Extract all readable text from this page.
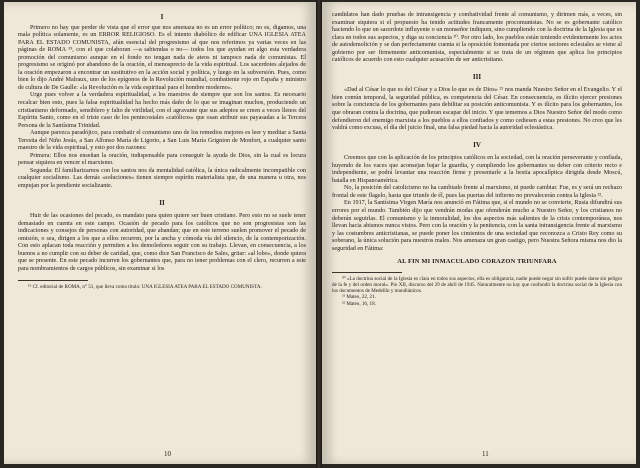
I

Primero no hay que perder de vista que el error que nos amenaza no es un error político; no es, digamos, una mala política solamente, es un ERROR RELIGIOSO. Es el intento diabólico de edificar UNA IGLESIA ATEA PARA EL ESTADO COMUNISTA, afán esencial del progresismo al que nos referimos ya varias veces en las páginas de ROMA ¹⁹, con el que colaboran —a sabiendas o no— todos los que ayudan en algo esta verdadera promoción del comunismo aunque en el fondo no tengan nada de ateos ni tampoco nada de comunistas. El progresismo se originó por abandono de la oración, el menosprecio de la vida espiritual. Los sacerdotes alejados de la oración empezaron a encontrar un sustitutivo en la acción social y política, y luego en la subversión. Pues, como bien lo dijo André Malraux, uno de los epígonos de la Revolución mundial, combatiente rojo en España y ministro de cultura de De Gaulle: «la Revolución es la vida espiritual para el hombre moderno».

Urge pues volver a la verdadera espiritualidad, a los maestros de siempre que son los santos. Es necesario recalcar bien esto, pues la falsa espiritualidad ha hecho más daño de lo que se imaginan muchos, produciendo un cristianismo deformado, sensiblero y falto de virilidad, con el agravante que sus adeptos se creen a veces llenos del Espíritu Santo, como en el triste caso de los pentecostales «católicos» que osan atribuir sus payasadas a la Tercera Persona de la Santísima Trinidad.

Aunque parezca paradójico, para combatir el comunismo uno de los remedios mejores es leer y meditar a Santa Teresita del Niño Jesús, a San Alfonso María de Ligorio, a San Luis María Grignion de Monfort, a cualquier santo maestro de la vida espiritual, y esto por dos razones:

Primera: Ellos nos enseñan la oración, indispensable para conseguir la ayuda de Dios, sin la cual es locura pensar siquiera en vencer el marxismo.

Segunda: El familiarizarnos con los santos nos da mentalidad católica, la única radicalmente incompatible con cualquier socialismo. Las demás «soluciones» tienen siempre espíritu materialista que, de una manera u otra, nos empujan por la pendiente socializante.

II

Huir de las ocasiones del pecado, es mandato para quien quiere ser buen cristiano. Pero esto no se suele tener demasiado en cuenta en este campo. Ocasión de pecado para los católicos que no son progresistas son las indicaciones y consejos de personas con autoridad, que abandan; que en este terreno suelen promover el pecado de omisión, o sea, dirigen a los que a ellos recurren, por la ancha y cómoda vía del silencio, de la contemporización. Con esto aplacan toda reacción y permiten a los demoledores seguir con su trabajo. Llevan, en consecuencia, a los buenos a no cumplir con su deber de caridad, que, como dice San Francisco de Sales, gritar: «al lobo», donde quiera que se presente. En este pecado incurren los gobernantes que, para no tener problemas con el clero, recurren a este para nombramientos de cargos públicos, sin examinar si los

¹⁹ Cf. editorial de ROMA, n° 51, que lleva como título: UNA IGLESIA ATEA PARA EL ESTADO COMUNISTA.

10

candidatos han dado pruebas de intransigencia y combatividad frente al comunismo, y dirimen más, a veces, sin examinar siquiera si el propuesto ha tenido actitudes francamente procomunistas. No se es gobernante católico haciendo lo que un sacerdote influyente o un monseñor indiquen, sino cumpliendo con la doctrina de la Iglesia que es clara en todos sus aspectos, y diga su conciencia ²⁰. Por otro lado, los pueblos están teniendo evidentemente los actos de autodemolición y se dan perfectamente cuenta si la oposición fomentada por ciertos sectores eclesiales se viene al gobierno por ser firmemente anticomunista, especialmente si se trata de un régimen que aplica los principios católicos de acuerdo con esto cualquier acusación de ser anticristiano.

III

«Dad al César lo que es del César y a Dios lo que es de Dios» ²¹ nos manda Nuestro Señor en el Evangelio. Y el bien común temporal, la seguridad pública, es competencia del César. En consecuencia, es ilícito ejercer presiones sobre la conciencia de los gobernantes para debilitar su posición anticomunista. Y es ilícito para los gobernantes, los que obraran contra la doctrina, que pudieran escapar del inicio. Y que tememos a Dios Nuestro Señor del modo como defendieron del enemigo marxista a los pueblos a ellos confiados y como cediesen a estas presiones. No creo que les valdrá como excusa, el día del juicio final, una falsa piedad hacia la autoridad eclesiástica.

IV

Creemos que con la aplicación de los principios católicos en la sociedad, con la oración perseverante y confiada, huyendo de los vaces que aconsejan bajar la guardia, y cumpliendo los gobernantes su deber con criterio recto e independiente, se podrá levantar una reacción firme y presentarle a la bestia apocalíptica dirigida desde Moscú, batalla en Hispanoamérica.

No, la posición del catolicismo no ha cambiado frente al marxismo, ni puede cambiar. Fue, es y será un rechazo frontal de este flagelo, hasta que triunfe de él, pues las puertas del infierno no prevalecerán contra la Iglesia ²².

En 1917, la Santísima Virgen María nos anunció en Fátima que, si el mundo no se convierte, Rusia difundirá sus errores por el mundo. También dijo que vendrán modas que ofenderán mucho a Nuestro Señor, y los cristianos no deberán seguirlas. El comunismo y la inmoralidad, los dos aspectos más salientes de la crisis contemporánea, nos llevan hacia abismos nunca vistos. Pero con la oración y la penitencia, con la santa intransigencia frente al marxismo y las costumbres anticristianas, se puede poner los cimientos de una sociedad que reconozca a Cristo Rey como su soberano, la única solución para nuestros males. Nos amenaza un gran castigo, pero Nuestra Señora misma nos dio la seguridad en Fátima:

AL FIN MI INMACULADO CORAZON TRIUNFARA

²⁰ «La doctrina social de la Iglesia es clara en todos sus aspectos, ella es obligatoria, nadie puede negar sin sufrir puede darse sin peligro de la fe y del orden moral». Pío XII, discurso del 29 de abril de 1945. Naturalmente no hay que confundir la doctrina social de la Iglesia con los documentos de Medellín y mundiánicos.

²¹ Mateo, 22, 21.

²² Mateo, 16, 18.

11
